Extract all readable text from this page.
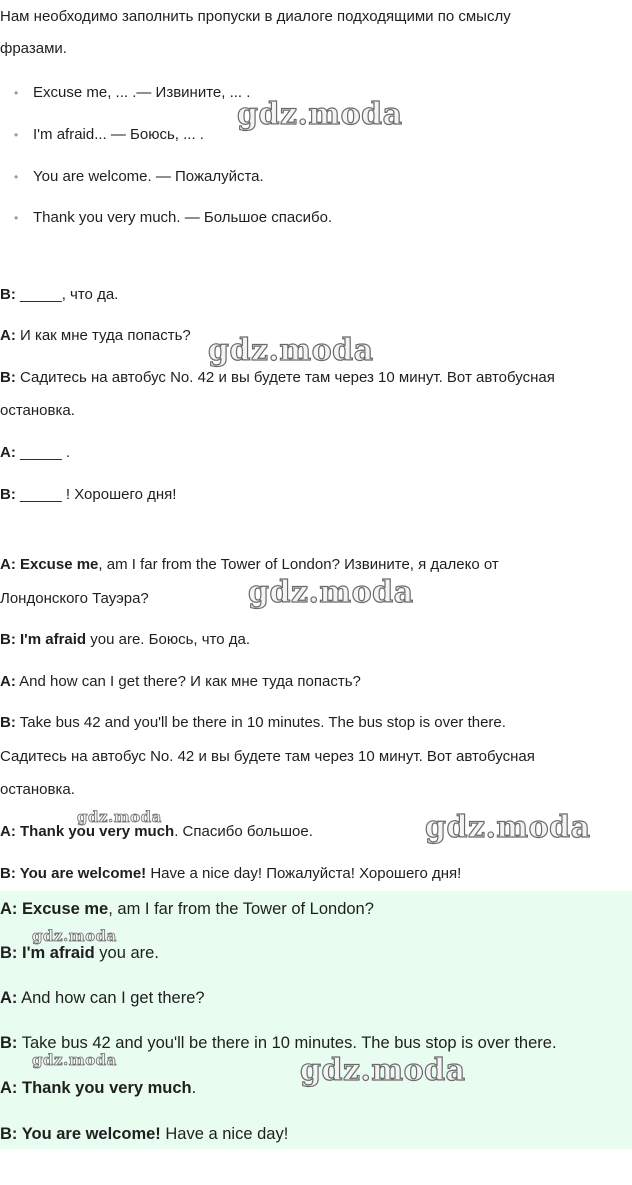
Нам необходимо заполнить пропуски в диалоге подходящими по смыслу
фразами.
• Excuse me, ... .— Извините, ... .
• I'm afraid... — Боюсь, ... .
• You are welcome. — Пожалуйста.
• Thank you very much. — Большое спасибо.
B: _____, что да.
A: И как мне туда попасть?
B: Садитесь на автобус No. 42 и вы будете там через 10 минут. Вот автобусная
остановка.
A: _____ .
B: _____ ! Хорошего дня!
A: Excuse me, am I far from the Tower of London? Извините, я далеко от
Лондонского Тауэра?
B: I'm afraid you are. Боюсь, что да.
A: And how can I get there? И как мне туда попасть?
B: Take bus 42 and you'll be there in 10 minutes. The bus stop is over there.
Садитесь на автобус No. 42 и вы будете там через 10 минут. Вот автобусная
остановка.
A: Thank you very much. Спасибо большое.
B: You are welcome! Have a nice day! Пожалуйста! Хорошего дня!
A: Excuse me, am I far from the Tower of London?
B: I'm afraid you are.
A: And how can I get there?
B: Take bus 42 and you'll be there in 10 minutes. The bus stop is over there.
A: Thank you very much.
B: You are welcome! Have a nice day!
gdz.moda
gdz.moda
gdz.moda
gdz.moda
gdz.moda
gdz.moda
gdz.moda	gdz.moda
